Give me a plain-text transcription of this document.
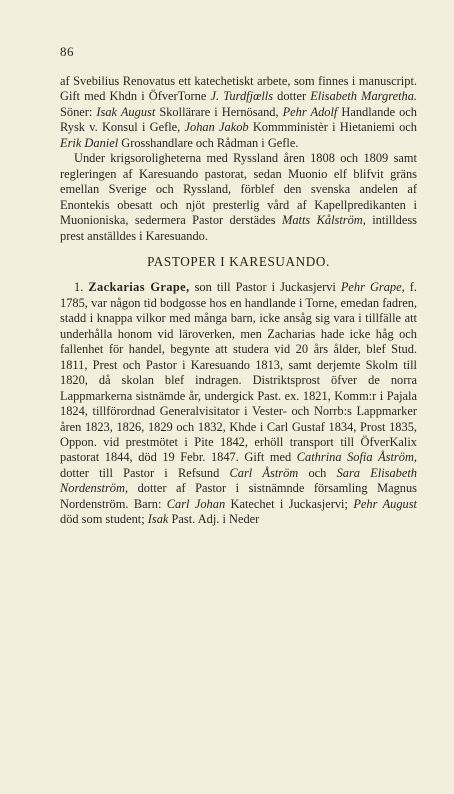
86

af Svebilius Renovatus ett katechetiskt arbete, som finnes i manuscript. Gift med Khdn i ÖfverTorne J. Turdfjœlls dotter Elisabeth Margretha. Söner: Isak August Skollärare i Hernösand, Pehr Adolf Handlande och Rysk v. Konsul i Gefle, Johan Jakob Kommministèr i Hietaniemi och Erik Daniel Grosshandlare och Rådman i Gefle.

Under krigsoroligheterna med Ryssland åren 1808 och 1809 samt regleringen af Karesuando pastorat, sedan Muonio elf blifvit gräns emellan Sverige och Ryssland, förblef den svenska andelen af Enontekis obesatt och njöt presterlig vård af Kapellpredikanten i Muonioniska, sedermera Pastor derstädes Matts Kålström, intilldess prest anställdes i Karesuando.

PASTOPER I KARESUANDO.

1. Zackarias Grape, son till Pastor i Juckasjervi Pehr Grape, f. 1785, var någon tid bodgosse hos en handlande i Torne, emedan fadren, stadd i knappa vilkor med många barn, icke ansåg sig vara i tillfälle att underhålla honom vid läroverken, men Zacharias hade icke håg och fallenhet för handel, begynte att studera vid 20 års ålder, blef Stud. 1811, Prest och Pastor i Karesuando 1813, samt derjemte Skolm till 1820, då skolan blef indragen. Distriktsprost öfver de norra Lappmarkerna sistnämde år, undergick Past. ex. 1821, Komm:r i Pajala 1824, tillförordnad Generalvisitator i Vester- och Norrb:s Lappmarker åren 1823, 1826, 1829 och 1832, Khde i Carl Gustaf 1834, Prost 1835, Oppon. vid prestmötet i Pite 1842, erhöll transport till ÖfverKalix pastorat 1844, död 19 Febr. 1847. Gift med Cathrina Sofia Åström, dotter till Pastor i Refsund Carl Åström och Sara Elisabeth Nordenström, dotter af Pastor i sistnämnde församling Magnus Nordenström. Barn: Carl Johan Katechet i Juckasjervi; Pehr August död som student; Isak Past. Adj. i Neder
